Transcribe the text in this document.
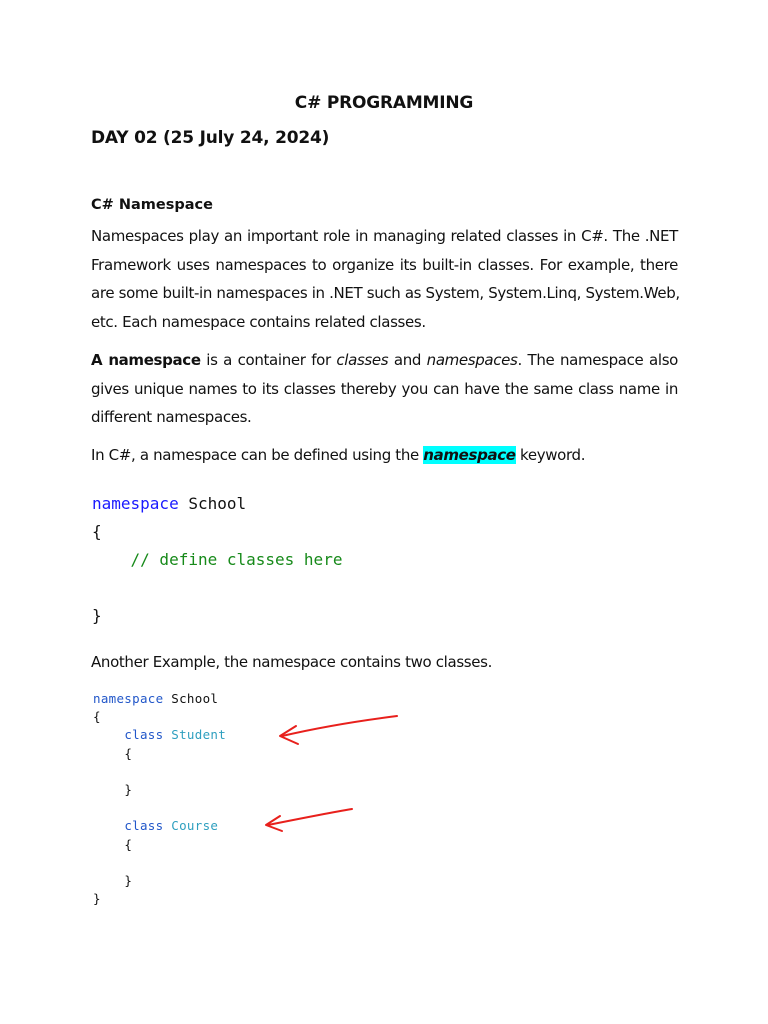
C# PROGRAMMING
DAY 02 (25 July 24, 2024)
C# Namespace
Namespaces play an important role in managing related classes in C#. The .NET
Framework uses namespaces to organize its built-in classes. For example, there
are some built-in namespaces in .NET such as System, System.Linq, System.Web,
etc. Each namespace contains related classes.
A namespace is a container for classes and namespaces. The namespace also
gives unique names to its classes thereby you can have the same class name in
different namespaces.
In C#, a namespace can be defined using the namespace keyword.
namespace School
{
// define classes here

}
Another Example, the namespace contains two classes.
namespace School
{
class Student
{

}

class Course
{

}
}
